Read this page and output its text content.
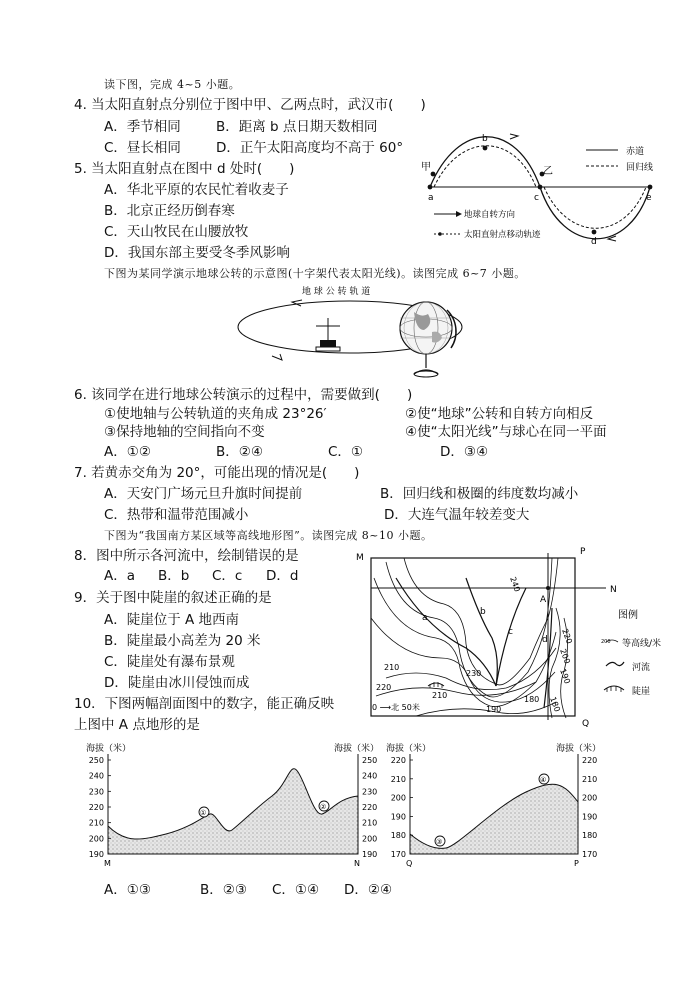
读下图，完成 4~5 小题。
4. 当太阳直射点分别位于图中甲、乙两点时，武汉市(　　)
A．季节相同	B．距离 b 点日期天数相同
C．昼长相同	D．正午太阳高度均不高于 60°
5. 当太阳直射点在图中 d 处时(　　)
A．华北平原的农民忙着收麦子
B．北京正经历倒春寒
C．天山牧民在山腰放牧
D．我国东部主要受冬季风影响
甲
a
b
c
乙
d
e
赤道
回归线
地球自转方向
太阳直射点移动轨迹
下图为某同学演示地球公转的示意图(十字架代表太阳光线)。读图完成 6~7 小题。
地 球 公 转 轨 道
6. 该同学在进行地球公转演示的过程中，需要做到(　　)
①使地轴与公转轨道的夹角成 23°26′	②使“地球”公转和自转方向相反
③保持地轴的空间指向不变	④使“太阳光线”与球心在同一平面
A．①②	B．②④	C．①	D．③④
7. 若黄赤交角为 20°，可能出现的情况是(　　)
A．天安门广场元旦升旗时间提前	B．回归线和极圈的纬度数均减小
C．热带和温带范围减小	D．大连气温年较差变大
下图为“我国南方某区域等高线地形图”。读图完成 8~10 小题。
8．图中所示各河流中，绘制错误的是
A．a B．b C．c D．d
9．关于图中陡崖的叙述正确的是
A．陡崖位于 A 地西南
B．陡崖最小高差为 20 米
C．陡崖处有瀑布景观
D．陡崖由冰川侵蚀而成
10．下图两幅剖面图中的数字，能正确反映
上图中 A 点地形的是
M
P
Q
N
A
a
b
c
d
240
220
200
190
210
220
230
210
190
180 180
0 ⟶北 50米
图例
200 等高线/米
河流
陡崖
海拔（米）	海拔（米）
①
②
250	250
240	240
230	230
220	220
210	210
200	200
190	190
M	N
海拔（米）	海拔（米）
③
④
220	220
210	210
200	200
190	190
180	180
170	170
Q	P
A．①③	B．②③ C．①④ D．②④
